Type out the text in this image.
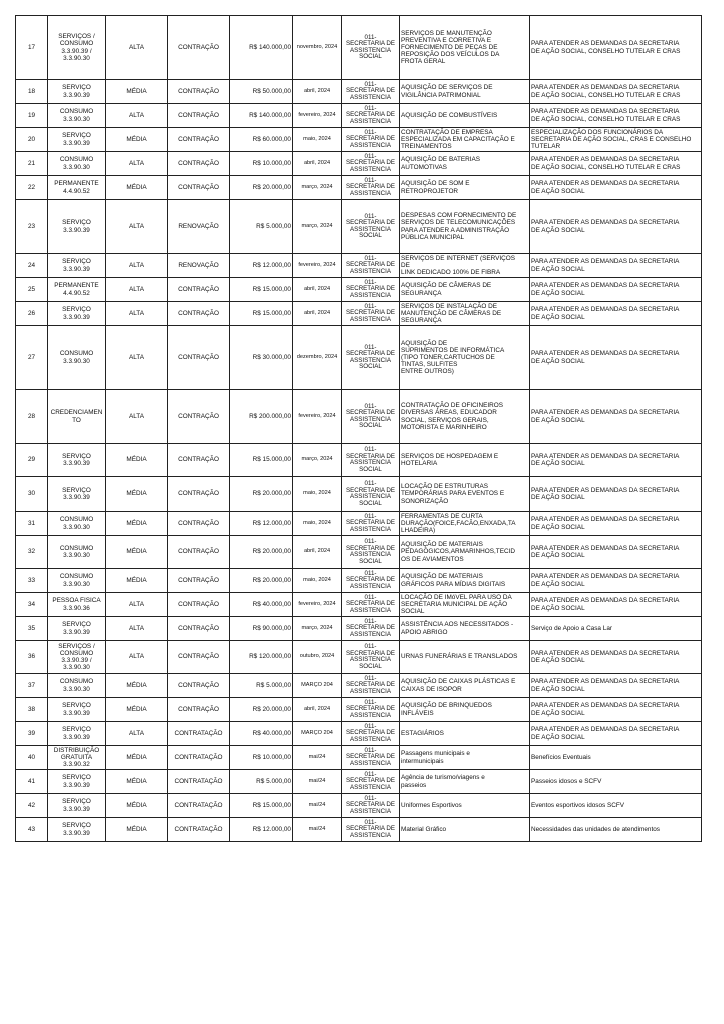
17	SERVIÇOS /
CONSUMO
3.3.90.39 /
3.3.90.30	ALTA	CONTRAÇÃO	R$ 140.000,00	novembro, 2024	011-
SECRETARIA DE
ASSISTENCIA
SOCIAL	SERVIÇOS DE MANUTENÇÃO
PREVENTIVA E CORRETIVA E
FORNECIMENTO DE PEÇAS DE
REPOSIÇÃO DOS VEÍCULOS DA
FROTA GERAL	PARA ATENDER AS DEMANDAS DA SECRETARIA
DE AÇÃO SOCIAL, CONSELHO TUTELAR E CRAS

18	SERVIÇO
3.3.90.39	MÉDIA	CONTRAÇÃO	R$ 50.000,00	abril, 2024	011-
SECRETARIA DE
ASSISTENCIA	AQUISIÇÃO DE SERVIÇOS DE
VIGILÂNCIA PATRIMONIAL	PARA ATENDER AS DEMANDAS DA SECRETARIA
DE AÇÃO SOCIAL, CONSELHO TUTELAR E CRAS

19	CONSUMO
3.3.90.30	ALTA	CONTRAÇÃO	R$ 140.000,00	fevereiro, 2024	011-
SECRETARIA DE
ASSISTENCIA	AQUISIÇÃO DE COMBUSTÍVEIS	PARA ATENDER AS DEMANDAS DA SECRETARIA
DE AÇÃO SOCIAL, CONSELHO TUTELAR E CRAS

20	SERVIÇO
3.3.90.39	MÉDIA	CONTRAÇÃO	R$ 60.000,00	maio, 2024	011-
SECRETARIA DE
ASSISTENCIA	CONTRATAÇÃO DE EMPRESA
ESPECIALIZADA EM CAPACITAÇÃO E
TREINAMENTOS	ESPECIALIZAÇÃO DOS FUNCIONÁRIOS DA
SECRETARIA DE AÇÃO SOCIAL, CRAS E CONSELHO
TUTELAR

21	CONSUMO
3.3.90.30	ALTA	CONTRAÇÃO	R$ 10.000,00	abril, 2024	011-
SECRETARIA DE
ASSISTENCIA	AQUISIÇÃO DE BATERIAS
AUTOMOTIVAS	PARA ATENDER AS DEMANDAS DA SECRETARIA
DE AÇÃO SOCIAL, CONSELHO TUTELAR E CRAS

22	PERMANENTE
4.4.90.52	MÉDIA	CONTRAÇÃO	R$ 20.000,00	março, 2024	011-
SECRETARIA DE
ASSISTENCIA	AQUISIÇÃO DE SOM E
RETROPROJETOR	PARA ATENDER AS DEMANDAS DA SECRETARIA
DE AÇÃO SOCIAL

23	SERVIÇO
3.3.90.39	ALTA	RENOVAÇÃO	R$ 5.000,00	março, 2024	011-
SECRETARIA DE
ASSISTENCIA
SOCIAL	DESPESAS COM FORNECIMENTO DE
SERVIÇOS DE TELECOMUNICAÇÕES
PARA ATENDER A ADMINISTRAÇÃO
PÚBLICA MUNICIPAL	PARA ATENDER AS DEMANDAS DA SECRETARIA
DE AÇÃO SOCIAL

24	SERVIÇO
3.3.90.39	ALTA	RENOVAÇÃO	R$ 12.000,00	fevereiro, 2024	011-
SECRETARIA DE
ASSISTENCIA	SERVIÇOS DE INTERNET (SERVIÇOS
DE
LINK DEDICADO 100% DE FIBRA	PARA ATENDER AS DEMANDAS DA SECRETARIA
DE AÇÃO SOCIAL

25	PERMANENTE
4.4.90.52	ALTA	CONTRAÇÃO	R$ 15.000,00	abril, 2024	011-
SECRETARIA DE
ASSISTENCIA	AQUISIÇÃO DE CÂMERAS DE
SEGURANÇA	PARA ATENDER AS DEMANDAS DA SECRETARIA
DE AÇÃO SOCIAL

26	SERVIÇO
3.3.90.39	ALTA	CONTRAÇÃO	R$ 15.000,00	abril, 2024	011-
SECRETARIA DE
ASSISTENCIA	SERVIÇOS DE INSTALAÇÃO DE
MANUTENÇÃO DE CÂMERAS DE
SEGURANÇA	PARA ATENDER AS DEMANDAS DA SECRETARIA
DE AÇÃO SOCIAL

27	CONSUMO
3.3.90.30	ALTA	CONTRAÇÃO	R$ 30.000,00	dezembro, 2024	011-
SECRETARIA DE
ASSISTENCIA
SOCIAL	AQUISIÇÃO DE
SUPRIMENTOS DE INFORMÁTICA
(TIPO TONER,CARTUCHOS DE
TINTAS, SULFITES
ENTRE OUTROS)	PARA ATENDER AS DEMANDAS DA SECRETARIA
DE AÇÃO SOCIAL

28	CREDENCIAMEN
TO	ALTA	CONTRAÇÃO	R$ 200.000,00	fevereiro, 2024	011-
SECRETARIA DE
ASSISTENCIA
SOCIAL	CONTRATAÇÃO DE OFICINEIROS
DIVERSAS ÁREAS, EDUCADOR
SOCIAL, SERVIÇOS GERAIS,
MOTORISTA E MARINHEIRO	PARA ATENDER AS DEMANDAS DA SECRETARIA
DE AÇÃO SOCIAL

29	SERVIÇO
3.3.90.39	MÉDIA	CONTRAÇÃO	R$ 15.000,00	março, 2024	011-
SECRETARIA DE
ASSISTENCIA
SOCIAL	SERVIÇOS DE HOSPEDAGEM E
HOTELARIA	PARA ATENDER AS DEMANDAS DA SECRETARIA
DE AÇÃO SOCIAL

30	SERVIÇO
3.3.90.39	MÉDIA	CONTRAÇÃO	R$ 20.000,00	maio, 2024	011-
SECRETARIA DE
ASSISTENCIA
SOCIAL	LOCAÇÃO DE ESTRUTURAS
TEMPORÁRIAS PARA EVENTOS E
SONORIZAÇÃO	PARA ATENDER AS DEMANDAS DA SECRETARIA
DE AÇÃO SOCIAL

31	CONSUMO
3.3.90.30	MÉDIA	CONTRAÇÃO	R$ 12.000,00	maio, 2024	011-
SECRETARIA DE
ASSISTENCIA	FERRAMENTAS DE CURTA
DURAÇÃO(FOICE,FACÃO,ENXADA,TA
LHADEIRA)	PARA ATENDER AS DEMANDAS DA SECRETARIA
DE AÇÃO SOCIAL

32	CONSUMO
3.3.90.30	MÉDIA	CONTRAÇÃO	R$ 20.000,00	abril, 2024	011-
SECRETARIA DE
ASSISTENCIA
SOCIAL	AQUISIÇÃO DE MATERIAIS
PEDAGÓGICOS,ARMARINHOS,TECID
OS DE AVIAMENTOS	PARA ATENDER AS DEMANDAS DA SECRETARIA
DE AÇÃO SOCIAL

33	CONSUMO
3.3.90.30	MÉDIA	CONTRAÇÃO	R$ 20.000,00	maio, 2024	011-
SECRETARIA DE
ASSISTENCIA	AQUISIÇÃO DE MATERIAIS
GRÁFICOS PARA MÍDIAS DIGITAIS	PARA ATENDER AS DEMANDAS DA SECRETARIA
DE AÇÃO SOCIAL

34	PESSOA FISICA
3.3.90.36	ALTA	CONTRAÇÃO	R$ 40.000,00	fevereiro, 2024	011-
SECRETARIA DE
ASSISTENCIA	LOCAÇÃO DE IMóVEL PARA USO DA
SECRETARIA MUNICIPAL DE AÇÃO
SOCIAL	PARA ATENDER AS DEMANDAS DA SECRETARIA
DE AÇÃO SOCIAL

35	SERVIÇO
3.3.90.39	ALTA	CONTRAÇÃO	R$ 90.000,00	março, 2024	011-
SECRETARIA DE
ASSISTENCIA	ASSISTÊNCIA AOS NECESSITADOS -
APOIO ABRIGO	Serviço de Apoio a Casa Lar

36	SERVIÇOS /
CONSUMO
3.3.90.39 /
3.3.90.30	ALTA	CONTRAÇÃO	R$ 120.000,00	outubro, 2024	011-
SECRETARIA DE
ASSISTENCIA
SOCIAL	URNAS FUNERÁRIAS E TRANSLADOS	PARA ATENDER AS DEMANDAS DA SECRETARIA
DE AÇÃO SOCIAL

37	CONSUMO
3.3.90.30	MÉDIA	CONTRAÇÃO	R$ 5.000,00	MARÇO 204	011-
SECRETARIA DE
ASSISTENCIA	AQUISIÇÃO DE CAIXAS PLÁSTICAS E
CAIXAS DE ISOPOR	PARA ATENDER AS DEMANDAS DA SECRETARIA
DE AÇÃO SOCIAL

38	SERVIÇO
3.3.90.39	MÉDIA	CONTRAÇÃO	R$ 20.000,00	abril, 2024	011-
SECRETARIA DE
ASSISTENCIA	AQUISIÇÃO DE BRINQUEDOS
INFLÁVEIS	PARA ATENDER AS DEMANDAS DA SECRETARIA
DE AÇÃO SOCIAL

39	SERVIÇO
3.3.90.39	ALTA	CONTRATAÇÃO	R$ 40.000,00	MARÇO 204	011-
SECRETARIA DE
ASSISTENCIA	ESTAGIÁRIOS	PARA ATENDER AS DEMANDAS DA SECRETARIA
DE AÇÃO SOCIAL

40	DISTRIBUIÇÃO
GRATUITA
3.3.90.32	MÉDIA	CONTRATAÇÃO	R$ 10.000,00	mai/24	011-
SECRETARIA DE
ASSISTENCIA	Passagens municipais e
intermunicipais	Benefícios Eventuais

41	SERVIÇO
3.3.90.39	MÉDIA	CONTRATAÇÃO	R$ 5.000,00	mai/24	011-
SECRETARIA DE
ASSISTENCIA	Agência de turismo/viagens e
passeios	Passeios idosos e SCFV

42	SERVIÇO
3.3.90.39	MÉDIA	CONTRATAÇÃO	R$ 15.000,00	mai/24	011-
SECRETARIA DE
ASSISTENCIA	Uniformes Esportivos	Eventos esportivos idosos SCFV

43	SERVIÇO
3.3.90.39	MÉDIA	CONTRATAÇÃO	R$ 12.000,00	mai/24	011-
SECRETARIA DE
ASSISTENCIA	Material Gráfico	Necessidades das unidades de atendimentos
